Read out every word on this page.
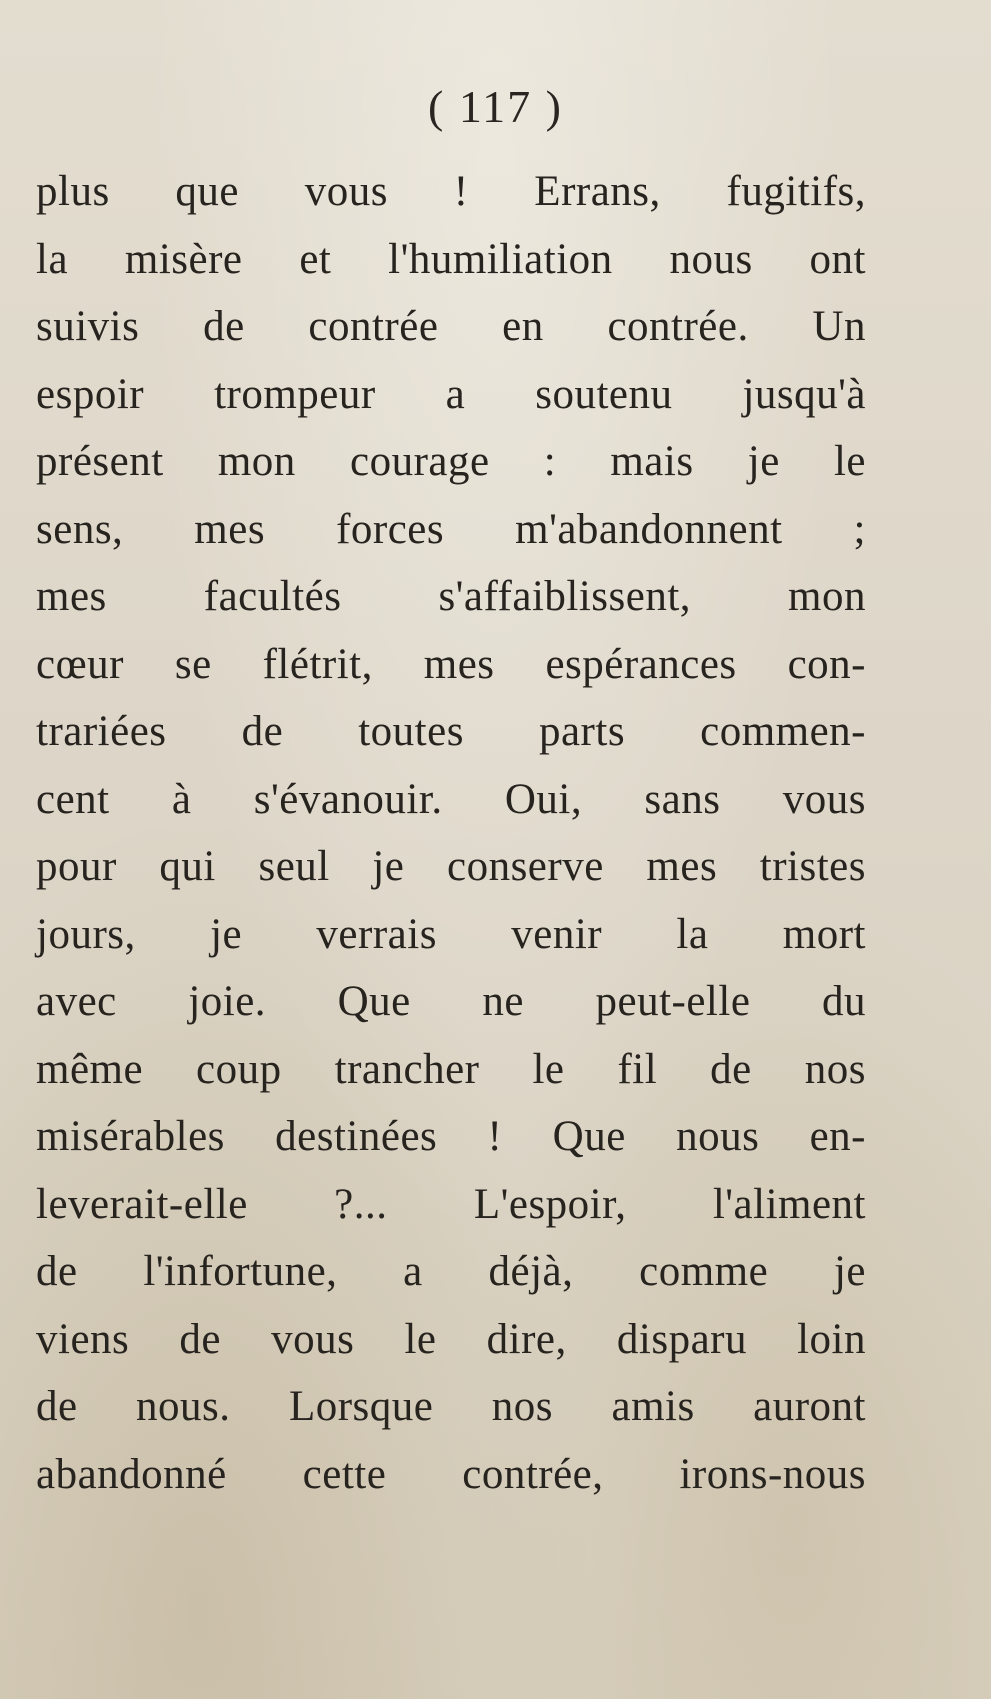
( 117 )
plus que vous ! Errans, fugitifs,
la misère et l'humiliation nous ont
suivis de contrée en contrée. Un
espoir trompeur a soutenu jusqu'à
présent mon courage : mais je le
sens, mes forces m'abandonnent ;
mes facultés s'affaiblissent, mon
cœur se flétrit, mes espérances con-
trariées de toutes parts commen-
cent à s'évanouir. Oui, sans vous
pour qui seul je conserve mes tristes
jours, je verrais venir la mort
avec joie. Que ne peut-elle du
même coup trancher le fil de nos
misérables destinées ! Que nous en-
leverait-elle ?... L'espoir, l'aliment
de l'infortune, a déjà, comme je
viens de vous le dire, disparu loin
de nous. Lorsque nos amis auront
abandonné cette contrée, irons-nous
